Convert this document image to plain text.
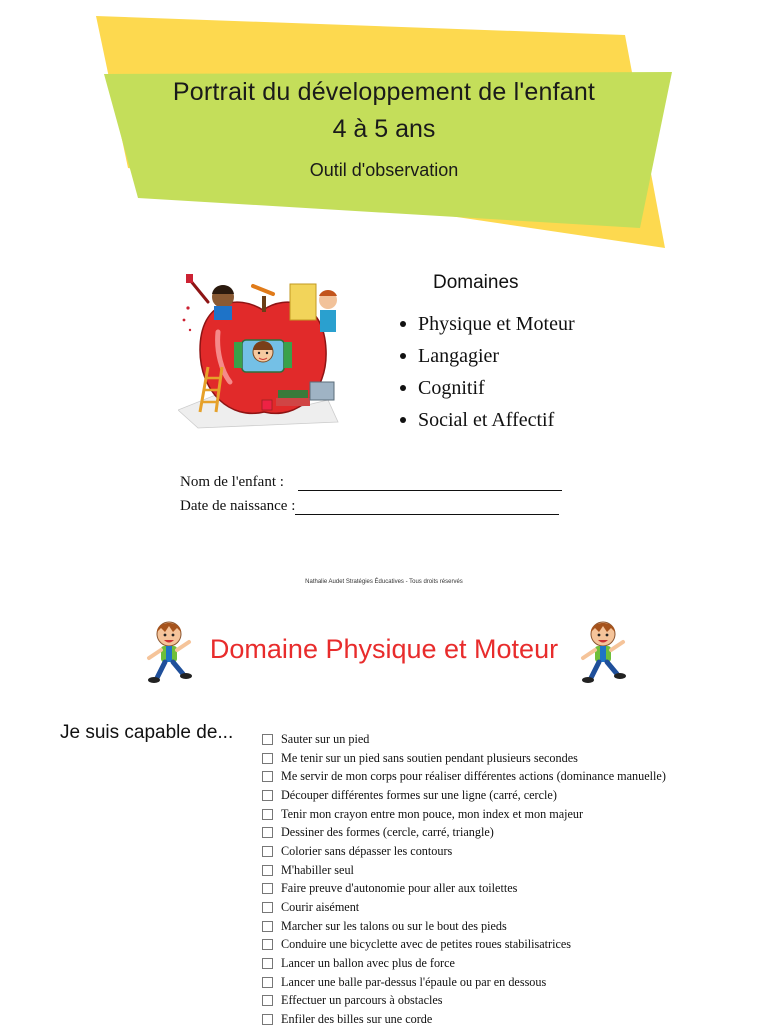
Portrait du développement de l'enfant
4 à 5 ans
Outil d'observation
Domaines
Physique et Moteur
Langagier
Cognitif
Social et Affectif
Nom de l'enfant :
Date de naissance :
Nathalie Audet Stratégies Éducatives - Tous droits réservés
Domaine Physique et Moteur
Je suis capable de...	Sauter sur un pied
Me tenir sur un pied sans soutien pendant plusieurs secondes
Me servir de mon corps pour réaliser différentes actions (dominance manuelle)
Découper différentes formes sur une ligne (carré, cercle)
Tenir mon crayon entre mon pouce, mon index et mon majeur
Dessiner des formes (cercle, carré, triangle)
Colorier sans dépasser les contours
M'habiller seul
Faire preuve d'autonomie pour aller aux toilettes
Courir aisément
Marcher sur les talons ou sur le bout des pieds
Conduire une bicyclette avec de petites roues stabilisatrices
Lancer un ballon avec plus de force
Lancer une balle par-dessus l'épaule ou par en dessous
Effectuer un parcours à obstacles
Enfiler des billes sur une corde
